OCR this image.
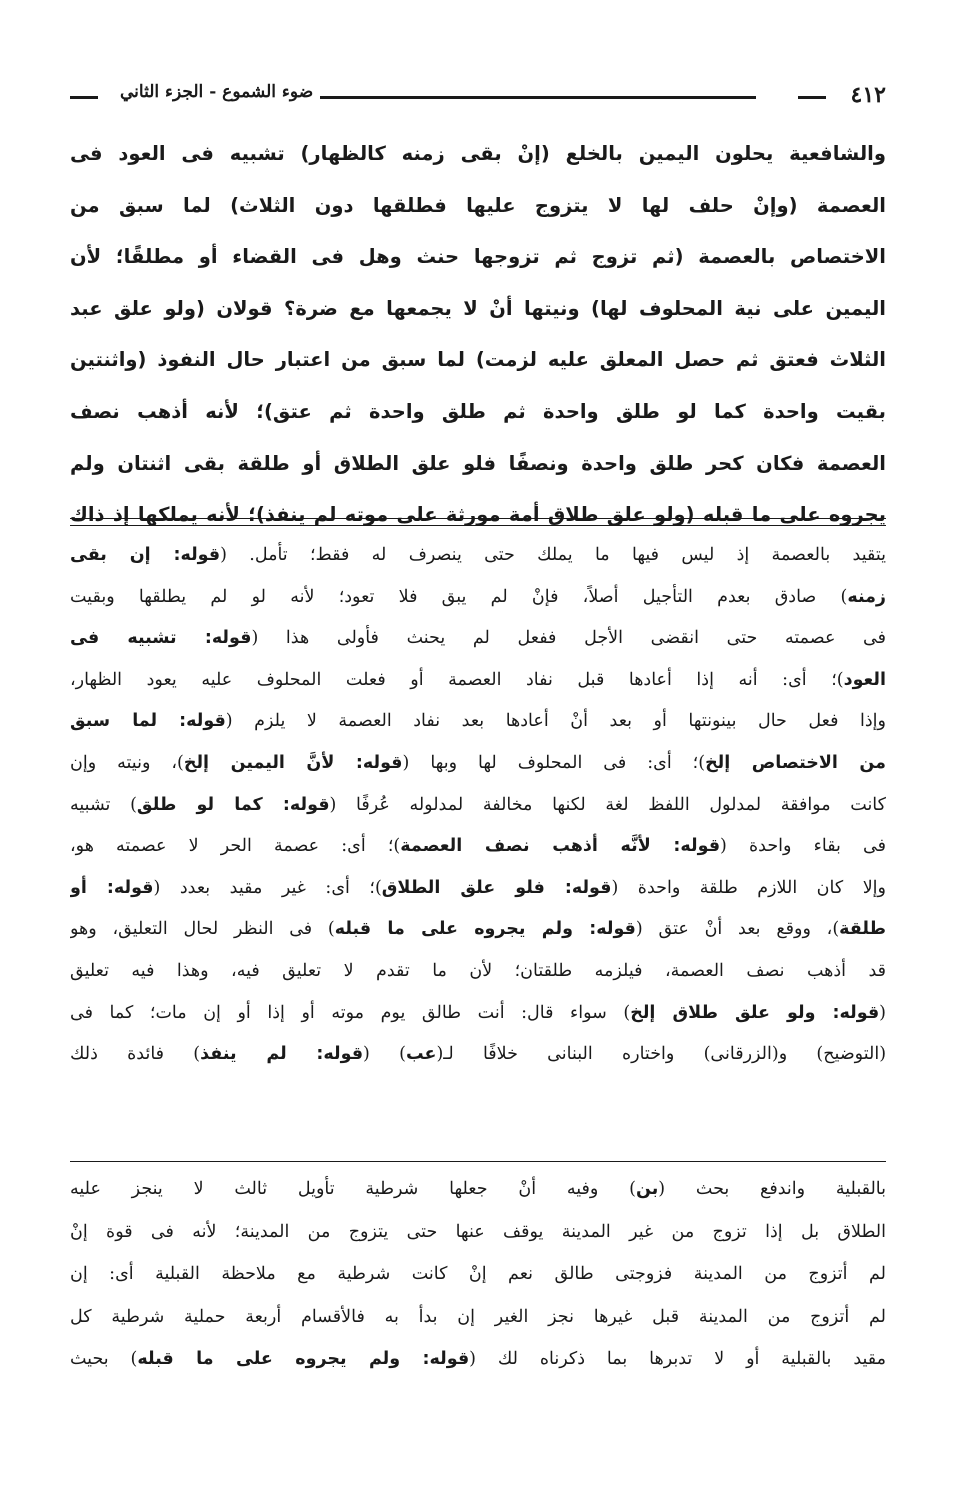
٤١٢
ضوء الشموع - الجزء الثاني

والشافعية يحلون اليمين بالخلع (إنْ بقى زمنه كالظهار) تشبيه فى العود فى

العصمة (وإنْ حلف لها لا يتزوج عليها فطلقها دون الثلاث) لما سبق من

الاختصاص بالعصمة (ثم تزوج ثم تزوجها حنث وهل فى القضاء أو مطلقًا؛ لأن

اليمين على نية المحلوف لها) ونيتها أنْ لا يجمعها مع ضرة؟ قولان (ولو علق عبد

الثلاث فعتق ثم حصل المعلق عليه لزمت) لما سبق من اعتبار حال النفوذ (واثنتين

بقيت واحدة كما لو طلق واحدة ثم طلق واحدة ثم عتق)؛ لأنه أذهب نصف

العصمة فكان كحر طلق واحدة ونصفًا فلو علق الطلاق أو طلقة بقى اثنتان ولم

يجروه على ما قبله (ولو علق طلاق أمة مورثة على موته لم ينفذ)؛ لأنه يملكها إذ ذاك

يتقيد بالعصمة إذ ليس فيها ما يملك حتى ينصرف له فقط؛ تأمل. (قوله: إن بقى

زمنه) صادق بعدم التأجيل أصلاً، فإنْ لم يبق فلا تعود؛ لأنه لو لم يطلقها وبقيت

فى عصمته حتى انقضى الأجل ففعل لم يحنث فأولى هذا (قوله: تشبيه فى

العود)؛ أى: أنه إذا أعادها قبل نفاد العصمة أو فعلت المحلوف عليه يعود الظهار،

وإذا فعل حال بينونتها أو بعد أنْ أعادها بعد نفاد العصمة لا يلزم (قوله: لما سبق

من الاختصاص إلخ)؛ أى: فى المحلوف لها وبها (قوله: لأنَّ اليمين إلخ)، ونيته وإن

كانت موافقة لمدلول اللفظ لغة لكنها مخالفة لمدلوله عُرفًا (قوله: كما لو طلق) تشبيه

فى بقاء واحدة (قوله: لأنَّه أذهب نصف العصمة)؛ أى: عصمة الحر لا عصمته هو،

وإلا كان اللازم طلقة واحدة (قوله: فلو علق الطلاق)؛ أى: غير مقيد بعدد (قوله: أو

طلقة)، ووقع بعد أنْ عتق (قوله: ولم يجروه على ما قبله) فى النظر لحال التعليق، وهو

قد أذهب نصف العصمة، فيلزمه طلقتان؛ لأن ما تقدم لا تعليق فيه، وهذا فيه تعليق

(قوله: ولو علق طلاق إلخ) سواء قال: أنت طالق يوم موته أو إذا أو إن مات؛ كما فى

(التوضيح) و(الزرقانى) واختاره البنانى خلافًا لـ(عب) (قوله: لم ينفذ) فائدة ذلك

بالقبلية واندفع بحث (بن) وفيه أنْ جعلها شرطية تأويل ثالث لا ينجز عليه

الطلاق بل إذا تزوج من غير المدينة يوقف عنها حتى يتزوج من المدينة؛ لأنه فى قوة إنْ

لم أتزوج من المدينة فزوجتى طالق نعم إنْ كانت شرطية مع ملاحظة القبلية أى: إن

لم أتزوج من المدينة قبل غيرها نجز الغير إن بدأ به فالأقسام أربعة حملية شرطية كل

مقيد بالقبلية أو لا تدبرها بما ذكرناه لك (قوله: ولم يجروه على ما قبله) بحيث
